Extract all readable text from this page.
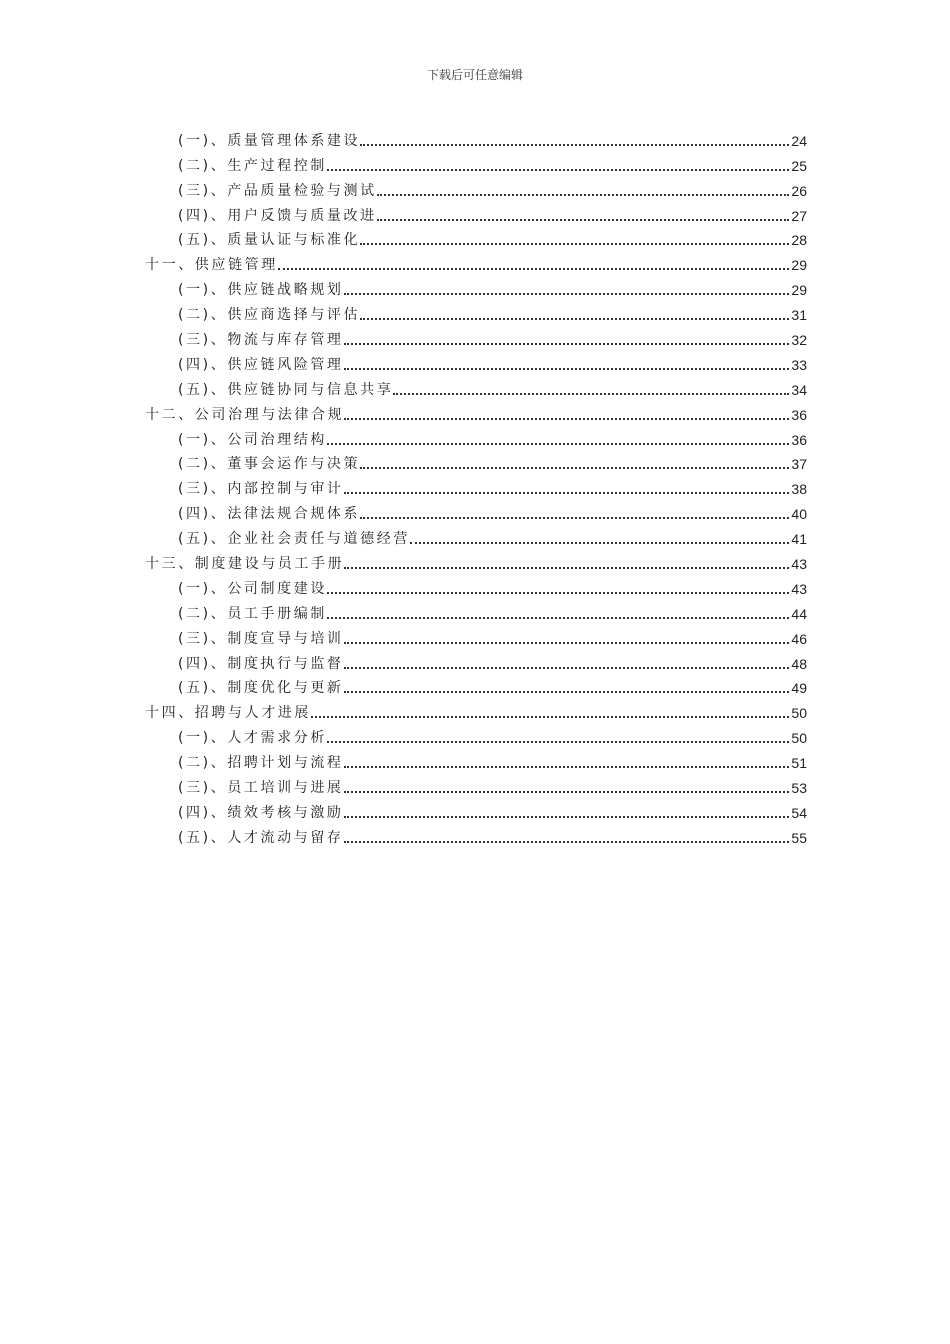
下载后可任意编辑
(一)、质量管理体系建设	24
(二)、生产过程控制	25
(三)、产品质量检验与测试	26
(四)、用户反馈与质量改进	27
(五)、质量认证与标准化	28
十一、供应链管理	29
(一)、供应链战略规划	29
(二)、供应商选择与评估	31
(三)、物流与库存管理	32
(四)、供应链风险管理	33
(五)、供应链协同与信息共享	34
十二、公司治理与法律合规	36
(一)、公司治理结构	36
(二)、董事会运作与决策	37
(三)、内部控制与审计	38
(四)、法律法规合规体系	40
(五)、企业社会责任与道德经营	41
十三、制度建设与员工手册	43
(一)、公司制度建设	43
(二)、员工手册编制	44
(三)、制度宣导与培训	46
(四)、制度执行与监督	48
(五)、制度优化与更新	49
十四、招聘与人才进展	50
(一)、人才需求分析	50
(二)、招聘计划与流程	51
(三)、员工培训与进展	53
(四)、绩效考核与激励	54
(五)、人才流动与留存	55
